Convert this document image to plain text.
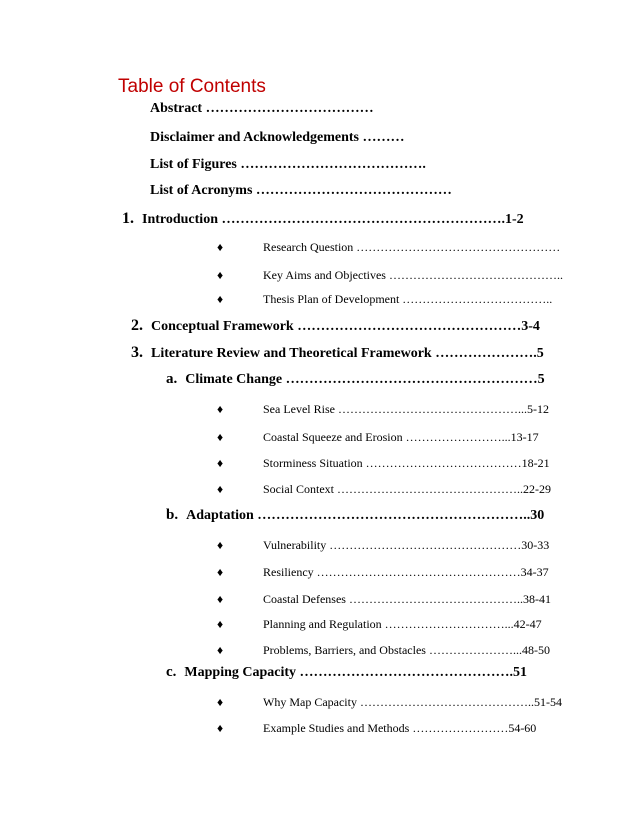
Table of Contents
Abstract ………………………………
Disclaimer and Acknowledgements ………
List of Figures ………………………………….
List of Acronyms ……………………………………
1. Introduction …………………………………………………….1-2
♦	Research Question ……………………………………………
♦	Key Aims and Objectives ……………………………………..
♦	Thesis Plan of Development ………………………………..
2. Conceptual Framework …………………………………………3-4
3. Literature Review and Theoretical Framework ………………….5
a. Climate Change ………………………………………………5
♦	Sea Level Rise ………………………………………...5-12
♦	Coastal Squeeze and Erosion ……………………...13-17
♦	Storminess Situation …………………………………18-21
♦	Social Context ………………………………………..22-29
b. Adaptation …………………………………………………..30
♦	Vulnerability …………………………………………30-33
♦	Resiliency ……………………………………………34-37
♦	Coastal Defenses ……………………………………..38-41
♦	Planning and Regulation …………………………...42-47
♦	Problems, Barriers, and Obstacles …………………...48-50
c. Mapping Capacity ……………………………………….51
♦	Why Map Capacity ……………………………………..51-54
♦	Example Studies and Methods ……………………54-60
